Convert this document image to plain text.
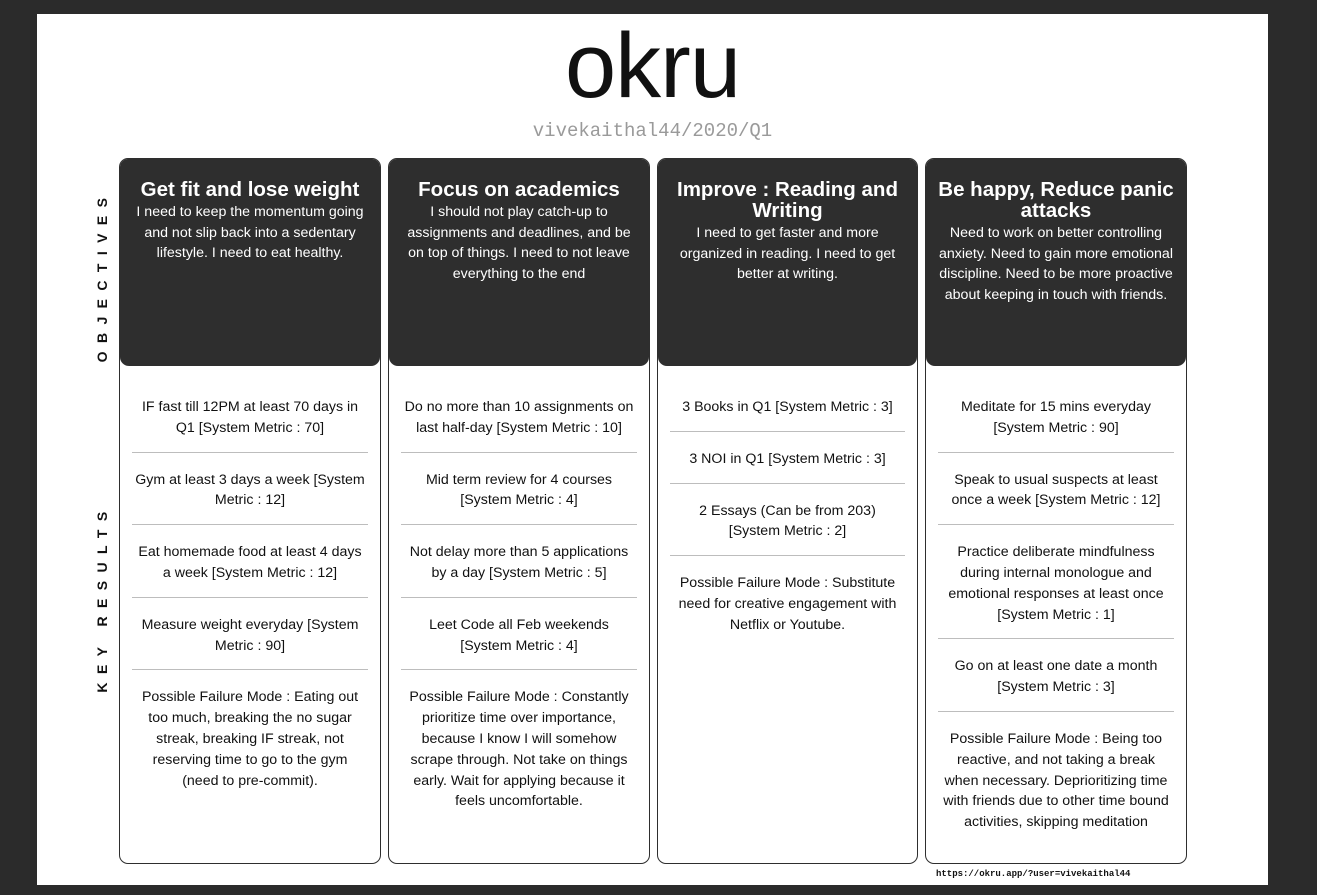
okru
vivekaithal44/2020/Q1
OBJECTIVES
KEY RESULTS
Get fit and lose weight
I need to keep the momentum going and not slip back into a sedentary lifestyle. I need to eat healthy.
IF fast till 12PM at least 70 days in Q1 [System Metric : 70]
Gym at least 3 days a week [System Metric : 12]
Eat homemade food at least 4 days a week [System Metric : 12]
Measure weight everyday [System Metric : 90]
Possible Failure Mode : Eating out too much, breaking the no sugar streak, breaking IF streak, not reserving time to go to the gym (need to pre-commit).
Focus on academics
I should not play catch-up to assignments and deadlines, and be on top of things. I need to not leave everything to the end
Do no more than 10 assignments on last half-day [System Metric : 10]
Mid term review for 4 courses [System Metric : 4]
Not delay more than 5 applications by a day [System Metric : 5]
Leet Code all Feb weekends [System Metric : 4]
Possible Failure Mode : Constantly prioritize time over importance, because I know I will somehow scrape through. Not take on things early. Wait for applying because it feels uncomfortable.
Improve : Reading and Writing
I need to get faster and more organized in reading. I need to get better at writing.
3 Books in Q1 [System Metric : 3]
3 NOI in Q1 [System Metric : 3]
2 Essays (Can be from 203) [System Metric : 2]
Possible Failure Mode : Substitute need for creative engagement with Netflix or Youtube.
Be happy, Reduce panic attacks
Need to work on better controlling anxiety. Need to gain more emotional discipline. Need to be more proactive about keeping in touch with friends.
Meditate for 15 mins everyday [System Metric : 90]
Speak to usual suspects at least once a week [System Metric : 12]
Practice deliberate mindfulness during internal monologue and emotional responses at least once [System Metric : 1]
Go on at least one date a month [System Metric : 3]
Possible Failure Mode : Being too reactive, and not taking a break when necessary. Deprioritizing time with friends due to other time bound activities, skipping meditation
https://okru.app/?user=vivekaithal44
